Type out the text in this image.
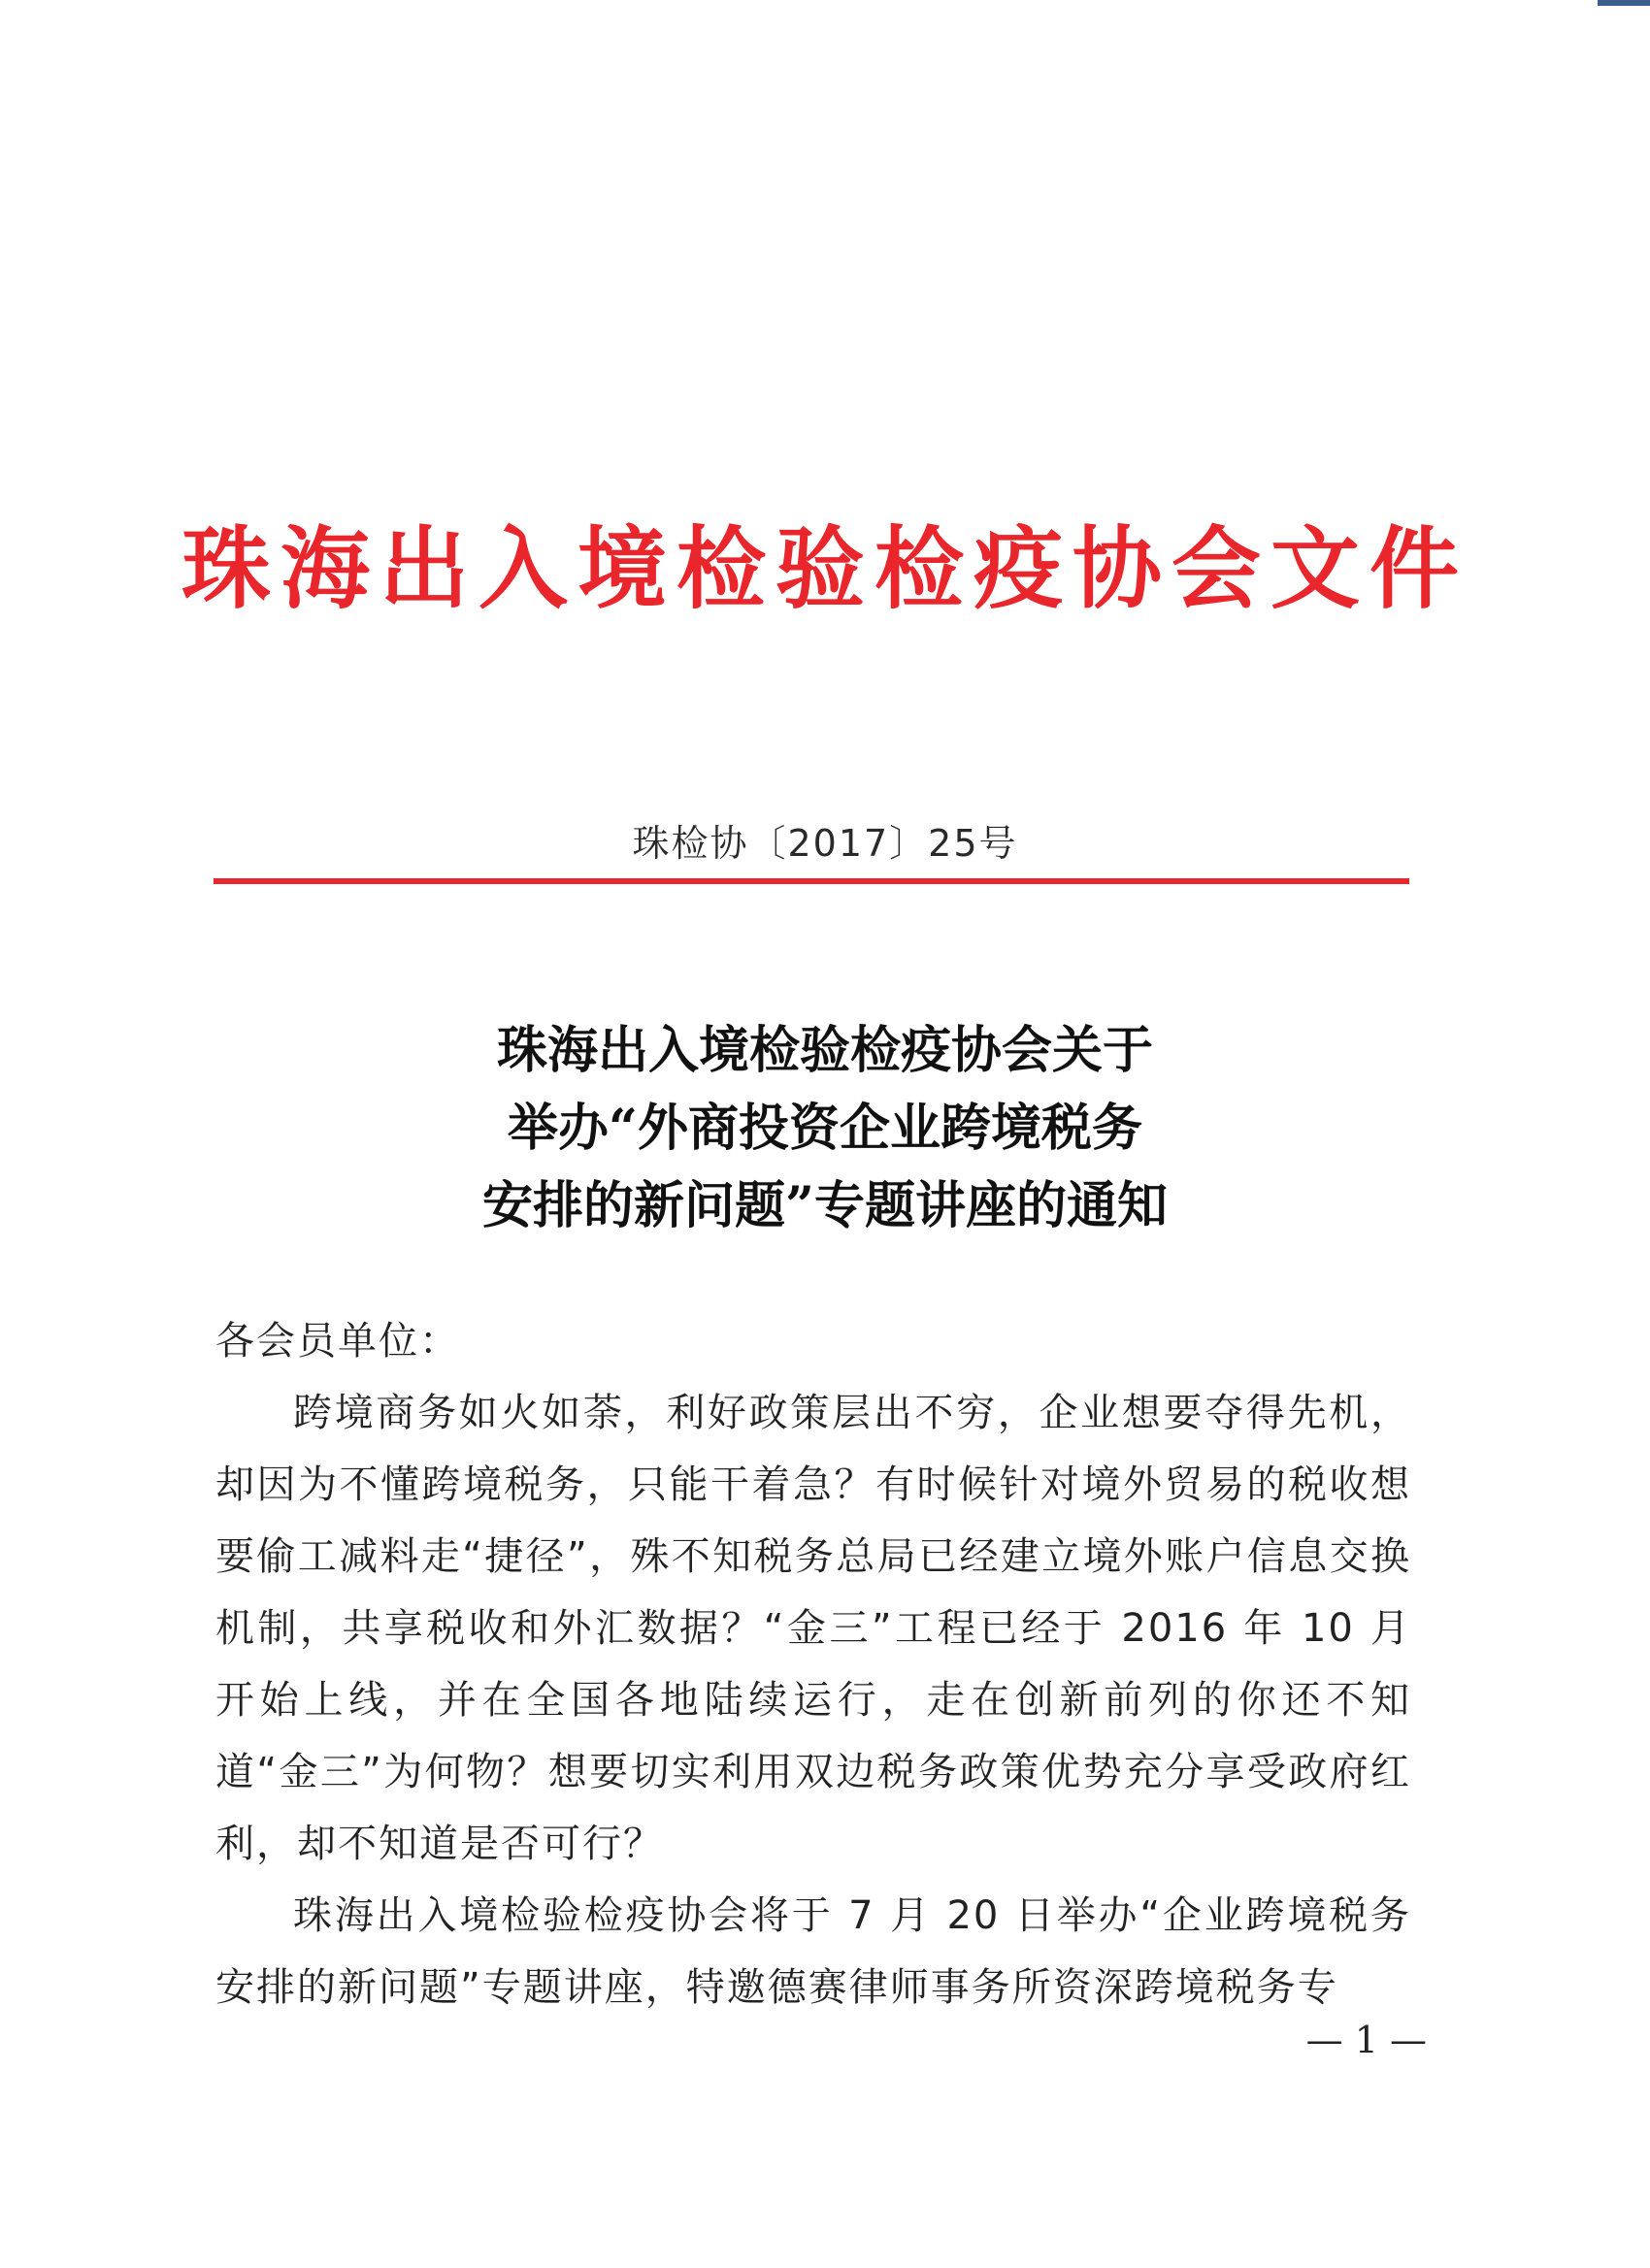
珠海出入境检验检疫协会文件
珠检协〔2017〕25号
珠海出入境检验检疫协会关于
举办“外商投资企业跨境税务
安排的新问题”专题讲座的通知

各会员单位：

跨境商务如火如荼，利好政策层出不穷，企业想要夺得先机，却因为不懂跨境税务，只能干着急？有时候针对境外贸易的税收想要偷工减料走“捷径”，殊不知税务总局已经建立境外账户信息交换机制，共享税收和外汇数据？“金三”工程已经于 2016 年 10 月开始上线，并在全国各地陆续运行，走在创新前列的你还不知道“金三”为何物？想要切实利用双边税务政策优势充分享受政府红利，却不知道是否可行？

珠海出入境检验检疫协会将于 7 月 20 日举办“企业跨境税务安排的新问题”专题讲座，特邀德赛律师事务所资深跨境税务专

— 1 —
